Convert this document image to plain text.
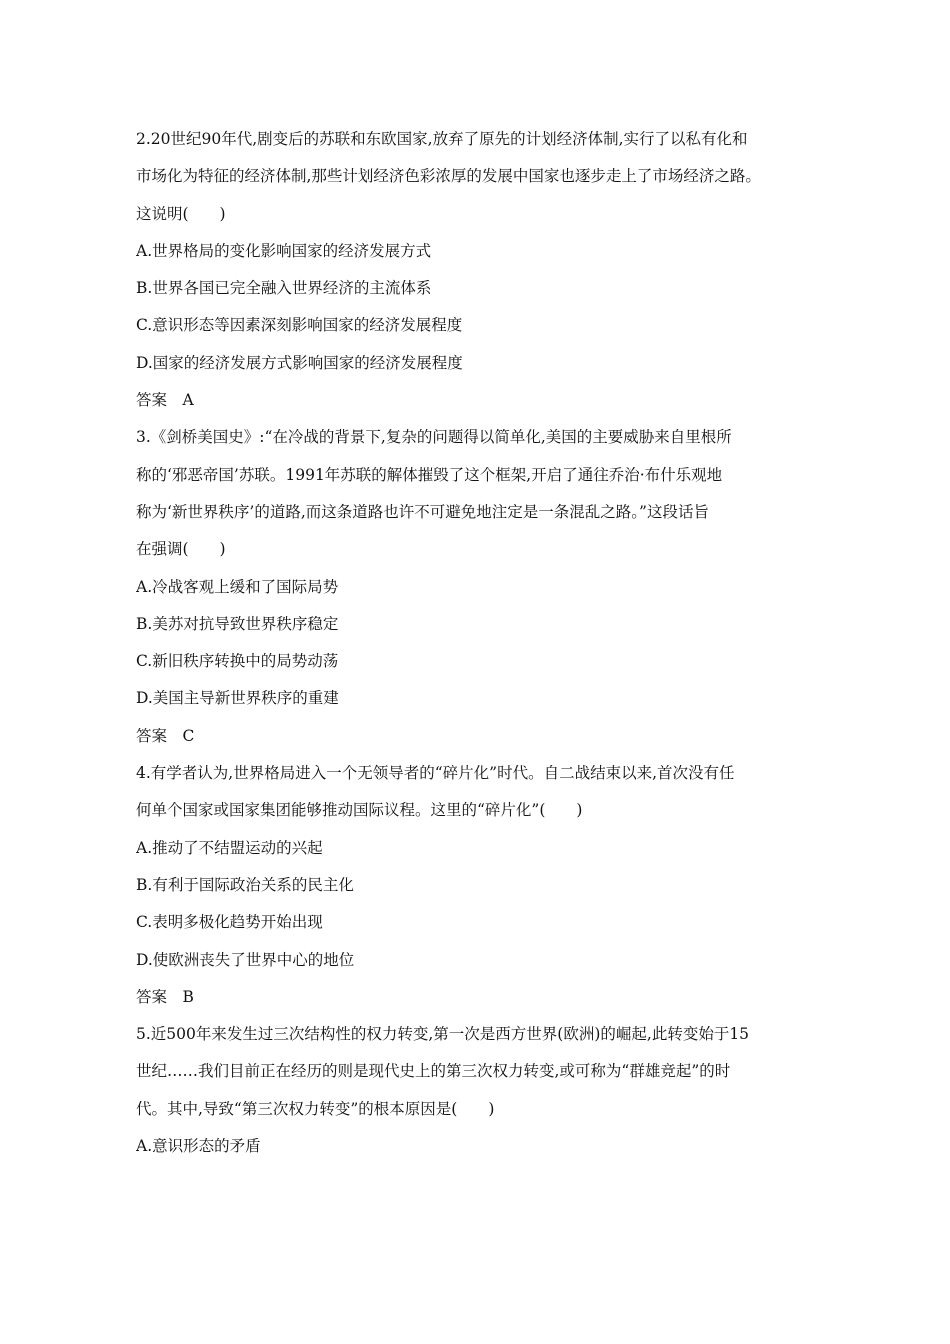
2.20世纪90年代,剧变后的苏联和东欧国家,放弃了原先的计划经济体制,实行了以私有化和
市场化为特征的经济体制,那些计划经济色彩浓厚的发展中国家也逐步走上了市场经济之路。
这说明(　　)
A.世界格局的变化影响国家的经济发展方式
B.世界各国已完全融入世界经济的主流体系
C.意识形态等因素深刻影响国家的经济发展程度
D.国家的经济发展方式影响国家的经济发展程度
答案　A
3.《剑桥美国史》:“在冷战的背景下,复杂的问题得以简单化,美国的主要威胁来自里根所
称的‘邪恶帝国’苏联。1991年苏联的解体摧毁了这个框架,开启了通往乔治·布什乐观地
称为‘新世界秩序’的道路,而这条道路也许不可避免地注定是一条混乱之路。”这段话旨
在强调(　　)
A.冷战客观上缓和了国际局势
B.美苏对抗导致世界秩序稳定
C.新旧秩序转换中的局势动荡
D.美国主导新世界秩序的重建
答案　C
4.有学者认为,世界格局进入一个无领导者的“碎片化”时代。自二战结束以来,首次没有任
何单个国家或国家集团能够推动国际议程。这里的“碎片化”(　　)
A.推动了不结盟运动的兴起
B.有利于国际政治关系的民主化
C.表明多极化趋势开始出现
D.使欧洲丧失了世界中心的地位
答案　B
5.近500年来发生过三次结构性的权力转变,第一次是西方世界(欧洲)的崛起,此转变始于15
世纪……我们目前正在经历的则是现代史上的第三次权力转变,或可称为“群雄竞起”的时
代。其中,导致“第三次权力转变”的根本原因是(　　)
A.意识形态的矛盾
